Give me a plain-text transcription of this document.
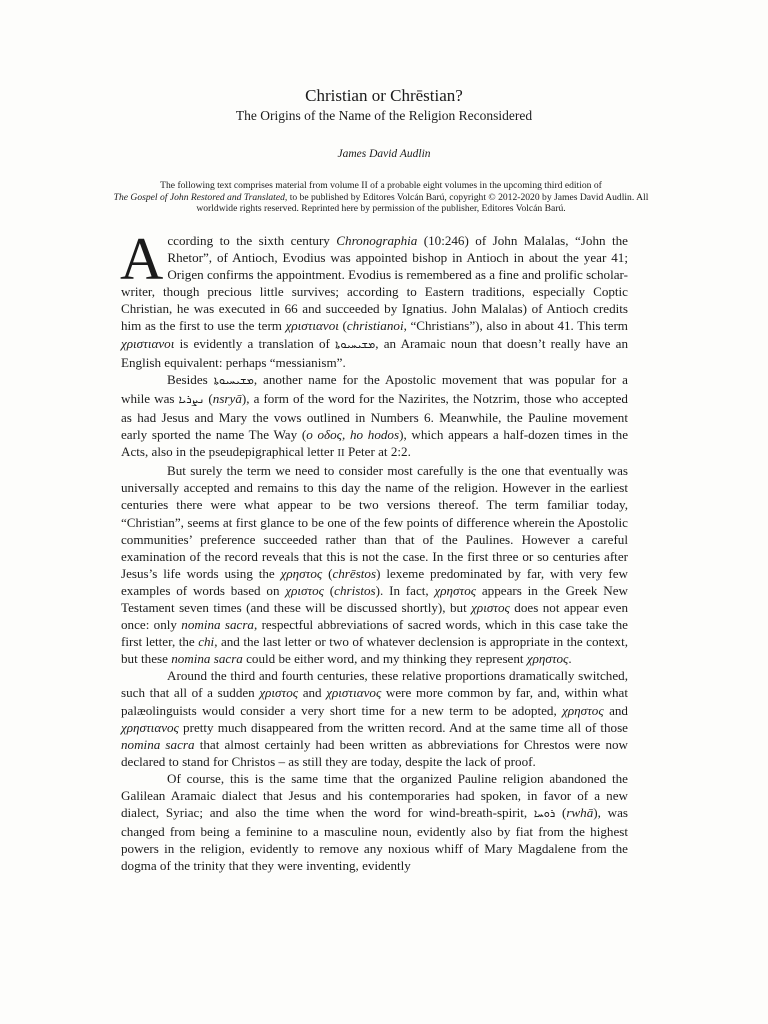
Christian or Chrēstian?
The Origins of the Name of the Religion Reconsidered
James David Audlin
The following text comprises material from volume II of a probable eight volumes in the upcoming third edition of
The Gospel of John Restored and Translated, to be published by Editores Volcán Barú, copyright © 2012-2020 by James David Audlin. All worldwide rights reserved. Reprinted here by permission of the publisher, Editores Volcán Barú.

According to the sixth century Chronographia (10:246) of John Malalas, “John the Rhetor”, of Antioch, Evodius was appointed bishop in Antioch in about the year 41; Origen confirms the appointment. Evodius is remembered as a fine and prolific scholar-writer, though precious little survives; according to Eastern traditions, especially Coptic Christian, he was executed in 66 and succeeded by Ignatius. John Malalas) of Antioch credits him as the first to use the term χριστιανοι (christianoi, “Christians”), also in about 41. This term χριστιανοι is evidently a translation of ܡܫܝܚܝܘܬܐ, an Aramaic noun that doesn’t really have an English equivalent: perhaps “messianism”.

Besides ܡܫܝܚܝܘܬܐ, another name for the Apostolic movement that was popular for a while was ܢܨܪܝܐ (nsryā), a form of the word for the Nazirites, the Notzrim, those who accepted as had Jesus and Mary the vows outlined in Numbers 6. Meanwhile, the Pauline movement early sported the name The Way (ο οδος, ho hodos), which appears a half-dozen times in the Acts, also in the pseudepigraphical letter II Peter at 2:2.

But surely the term we need to consider most carefully is the one that eventually was universally accepted and remains to this day the name of the religion. However in the earliest centuries there were what appear to be two versions thereof. The term familiar today, “Christian”, seems at first glance to be one of the few points of difference wherein the Apostolic communities’ preference succeeded rather than that of the Paulines. However a careful examination of the record reveals that this is not the case. In the first three or so centuries after Jesus’s life words using the χρηστος (chrēstos) lexeme predominated by far, with very few examples of words based on χριστος (christos). In fact, χρηστος appears in the Greek New Testament seven times (and these will be discussed shortly), but χριστος does not appear even once: only nomina sacra, respectful abbreviations of sacred words, which in this case take the first letter, the chi, and the last letter or two of whatever declension is appropriate in the context, but these nomina sacra could be either word, and my thinking they represent χρηστος.

Around the third and fourth centuries, these relative proportions dramatically switched, such that all of a sudden χριστος and χριστιανος were more common by far, and, within what palæolinguists would consider a very short time for a new term to be adopted, χρηστος and χρηστιανος pretty much disappeared from the written record. And at the same time all of those nomina sacra that almost certainly had been written as abbreviations for Chrestos were now declared to stand for Christos – as still they are today, despite the lack of proof.

Of course, this is the same time that the organized Pauline religion abandoned the Galilean Aramaic dialect that Jesus and his contemporaries had spoken, in favor of a new dialect, Syriac; and also the time when the word for wind-breath-spirit, ܪܘܚܐ (rwhā), was changed from being a feminine to a masculine noun, evidently also by fiat from the highest powers in the religion, evidently to remove any noxious whiff of Mary Magdalene from the dogma of the trinity that they were inventing, evidently
